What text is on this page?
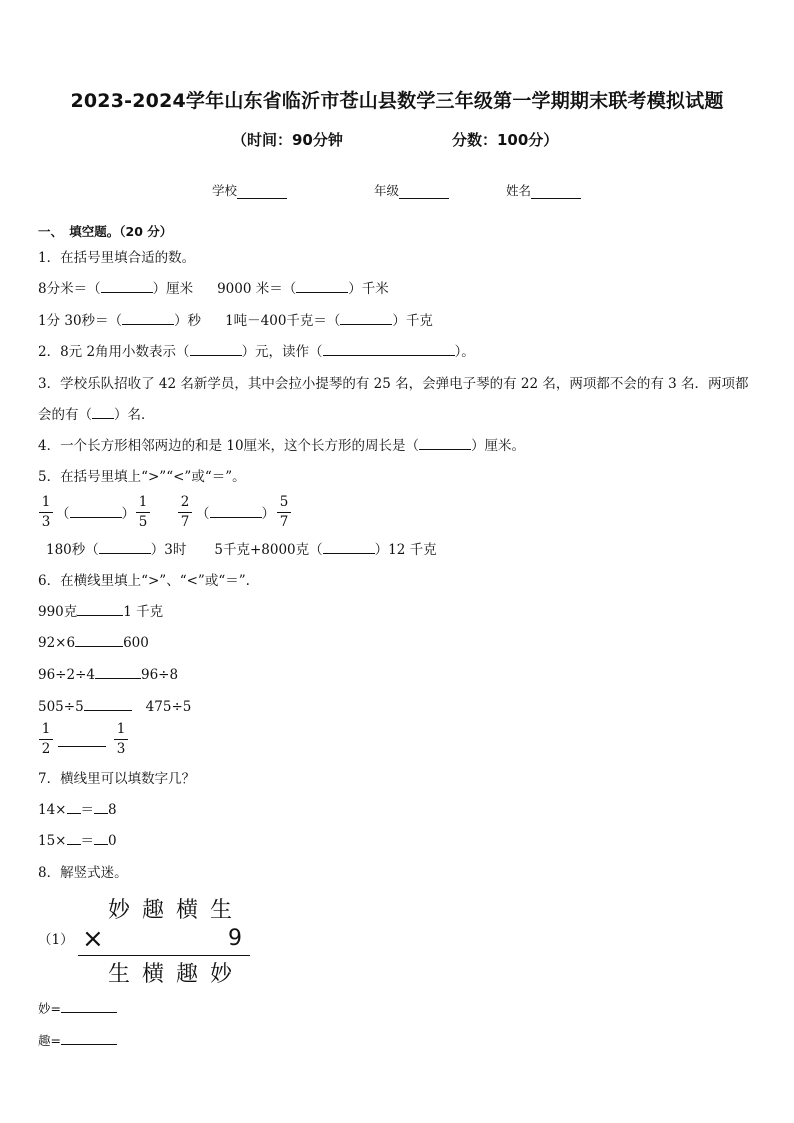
2023-2024学年山东省临沂市苍山县数学三年级第一学期期末联考模拟试题
（时间：90分钟	分数：100分）
学校	年级	姓名
一、　填空题。（20 分）
1．在括号里填合适的数。
8分米＝（	）厘米 9000 米＝（	）千米
1分 30秒＝（	）秒 1吨－400千克＝（	）千克
2．8元 2角用小数表示（	）元，读作（	）。
3．学校乐队招收了 42 名新学员，其中会拉小提琴的有 25 名，会弹电子琴的有 22 名，两项都不会的有 3 名．两项都
会的有（ ）名．
4．一个长方形相邻两边的和是 10厘米，这个长方形的周长是（	）厘米。
5．在括号里填上“>”“<”或“＝”。
1
3 （	）
1
5
2
7 （	）
5
7
180秒（	）3时 5千克+8000克（	）12 千克
6．在横线里填上“>”、“<”或“＝”.
990克	1 千克
92×6	600
96÷2÷4	96÷8
505÷5	475÷5
1
2
1
3
7．横线里可以填数字几？
14× ＝ 8
15× ＝ 0
8．解竖式迷。
妙趣横生
（1） ×	9
生横趣妙
妙=
趣=
